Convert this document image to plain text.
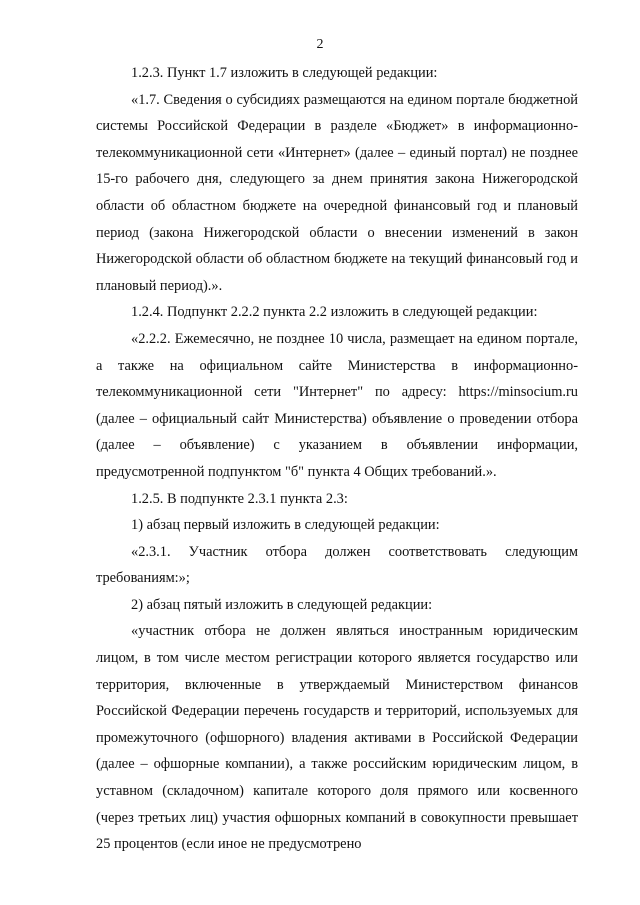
2

1.2.3. Пункт 1.7 изложить в следующей редакции:

«1.7. Сведения о субсидиях размещаются на едином портале бюджетной системы Российской Федерации в разделе «Бюджет» в информационно-телекоммуникационной сети «Интернет» (далее – единый портал) не позднее 15-го рабочего дня, следующего за днем принятия закона Нижегородской области об областном бюджете на очередной финансовый год и плановый период (закона Нижегородской области о внесении изменений в закон Нижегородской области об областном бюджете на текущий финансовый год и плановый период).».

1.2.4. Подпункт 2.2.2 пункта 2.2 изложить в следующей редакции:

«2.2.2. Ежемесячно, не позднее 10 числа, размещает на едином портале, а также на официальном сайте Министерства в информационно-телекоммуникационной сети "Интернет" по адресу: https://minsocium.ru (далее – официальный сайт Министерства) объявление о проведении отбора (далее – объявление) с указанием в объявлении информации, предусмотренной подпунктом "б" пункта 4 Общих требований.».

1.2.5. В подпункте 2.3.1 пункта 2.3:

1) абзац первый изложить в следующей редакции:

«2.3.1. Участник отбора должен соответствовать следующим требованиям:»;

2) абзац пятый изложить в следующей редакции:

«участник отбора не должен являться иностранным юридическим лицом, в том числе местом регистрации которого является государство или территория, включенные в утверждаемый Министерством финансов Российской Федерации перечень государств и территорий, используемых для промежуточного (офшорного) владения активами в Российской Федерации (далее – офшорные компании), а также российским юридическим лицом, в уставном (складочном) капитале которого доля прямого или косвенного (через третьих лиц) участия офшорных компаний в совокупности превышает 25 процентов (если иное не предусмотрено
